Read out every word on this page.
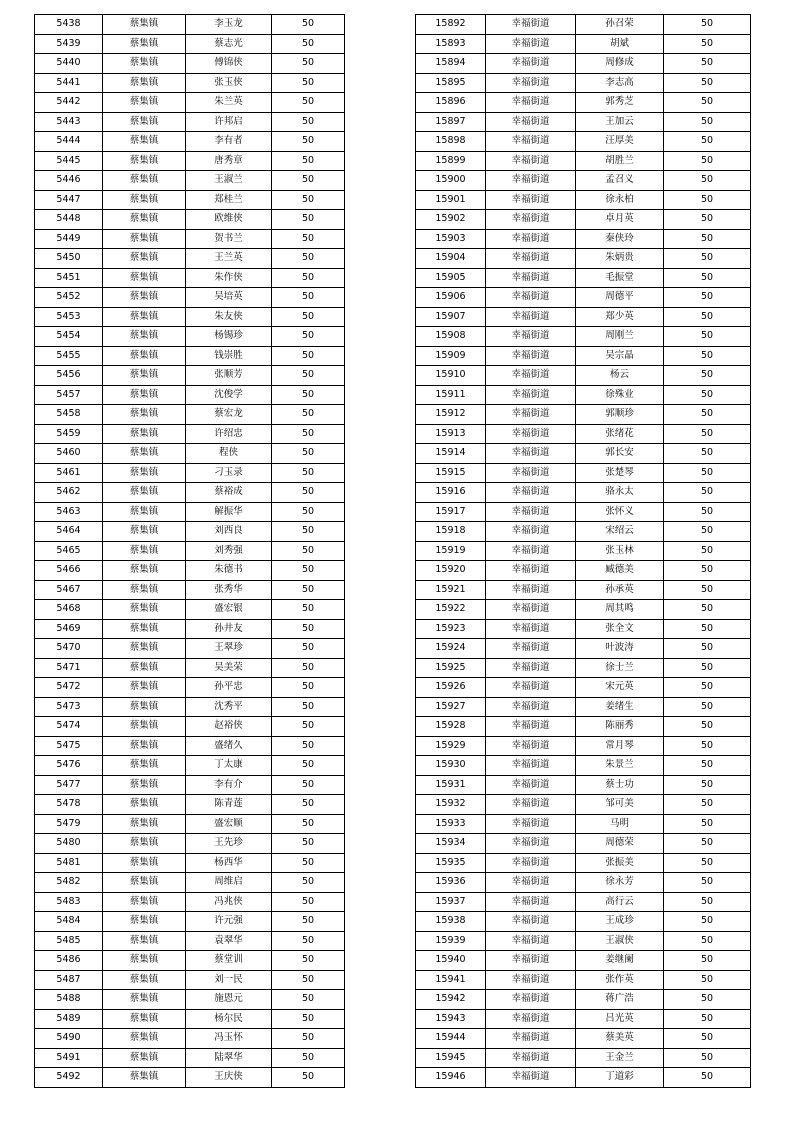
5438	蔡集镇	李玉龙	50
5439	蔡集镇	蔡志光	50
5440	蔡集镇	傅锦侠	50
5441	蔡集镇	张玉侠	50
5442	蔡集镇	朱兰英	50
5443	蔡集镇	许邦启	50
5444	蔡集镇	李有者	50
5445	蔡集镇	唐秀章	50
5446	蔡集镇	王淑兰	50
5447	蔡集镇	郑桂兰	50
5448	蔡集镇	欧维侠	50
5449	蔡集镇	贺书兰	50
5450	蔡集镇	王兰英	50
5451	蔡集镇	朱作侠	50
5452	蔡集镇	吴培英	50
5453	蔡集镇	朱友侠	50
5454	蔡集镇	杨锡珍	50
5455	蔡集镇	钱崇胜	50
5456	蔡集镇	张顺芳	50
5457	蔡集镇	沈俊学	50
5458	蔡集镇	蔡宏龙	50
5459	蔡集镇	许绍忠	50
5460	蔡集镇	程侠	50
5461	蔡集镇	刁玉录	50
5462	蔡集镇	蔡裕成	50
5463	蔡集镇	解振华	50
5464	蔡集镇	刘西良	50
5465	蔡集镇	刘秀强	50
5466	蔡集镇	朱德书	50
5467	蔡集镇	张秀华	50
5468	蔡集镇	盛宏银	50
5469	蔡集镇	孙井友	50
5470	蔡集镇	王翠珍	50
5471	蔡集镇	吴美荣	50
5472	蔡集镇	孙平忠	50
5473	蔡集镇	沈秀平	50
5474	蔡集镇	赵裕侠	50
5475	蔡集镇	盛绪久	50
5476	蔡集镇	丁太康	50
5477	蔡集镇	李有介	50
5478	蔡集镇	陈青莲	50
5479	蔡集镇	盛宏顺	50
5480	蔡集镇	王先珍	50
5481	蔡集镇	杨西华	50
5482	蔡集镇	周维启	50
5483	蔡集镇	冯兆侠	50
5484	蔡集镇	许元强	50
5485	蔡集镇	袁翠华	50
5486	蔡集镇	蔡堂训	50
5487	蔡集镇	刘一民	50
5488	蔡集镇	施恩元	50
5489	蔡集镇	杨尔民	50
5490	蔡集镇	冯玉怀	50
5491	蔡集镇	陆翠华	50
5492	蔡集镇	王庆侠	50
15892	幸福街道	孙召荣	50
15893	幸福街道	胡斌	50
15894	幸福街道	周修成	50
15895	幸福街道	李志高	50
15896	幸福街道	郭秀芝	50
15897	幸福街道	王加云	50
15898	幸福街道	汪厚美	50
15899	幸福街道	胡胜兰	50
15900	幸福街道	孟召义	50
15901	幸福街道	徐永柏	50
15902	幸福街道	卓月英	50
15903	幸福街道	秦侠玲	50
15904	幸福街道	朱炳贵	50
15905	幸福街道	毛振堂	50
15906	幸福街道	周德平	50
15907	幸福街道	郑少英	50
15908	幸福街道	周刚兰	50
15909	幸福街道	吴宗晶	50
15910	幸福街道	杨云	50
15911	幸福街道	徐殊业	50
15912	幸福街道	郭顺珍	50
15913	幸福街道	张绪花	50
15914	幸福街道	郭长安	50
15915	幸福街道	张楚琴	50
15916	幸福街道	骆永太	50
15917	幸福街道	张怀义	50
15918	幸福街道	宋绍云	50
15919	幸福街道	张玉林	50
15920	幸福街道	臧德美	50
15921	幸福街道	孙承英	50
15922	幸福街道	周其鸣	50
15923	幸福街道	张全文	50
15924	幸福街道	叶波涛	50
15925	幸福街道	徐士兰	50
15926	幸福街道	宋元英	50
15927	幸福街道	姜绪生	50
15928	幸福街道	陈丽秀	50
15929	幸福街道	常月琴	50
15930	幸福街道	朱景兰	50
15931	幸福街道	蔡士功	50
15932	幸福街道	邹可美	50
15933	幸福街道	马明	50
15934	幸福街道	周德荣	50
15935	幸福街道	张振美	50
15936	幸福街道	徐永芳	50
15937	幸福街道	高行云	50
15938	幸福街道	王成珍	50
15939	幸福街道	王淑侠	50
15940	幸福街道	姜继阑	50
15941	幸福街道	张作英	50
15942	幸福街道	蒋广浩	50
15943	幸福街道	吕光英	50
15944	幸福街道	蔡美英	50
15945	幸福街道	王金兰	50
15946	幸福街道	丁道彩	50
